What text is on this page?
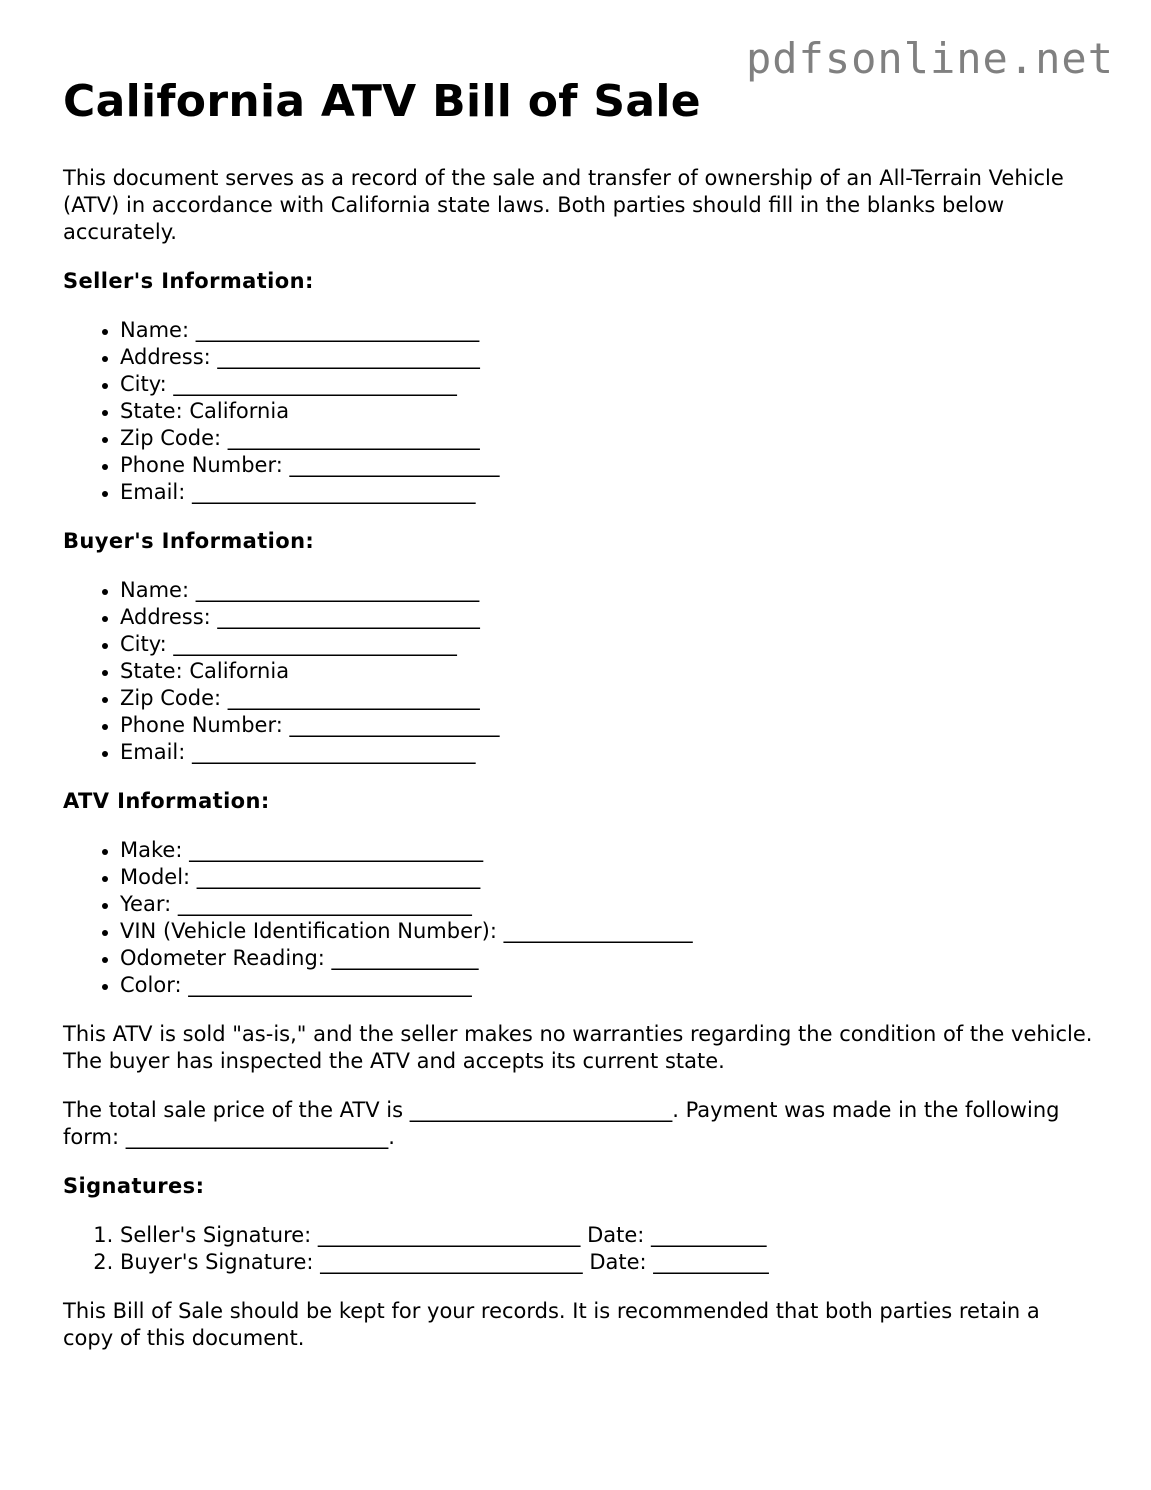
pdfsonline.net
California ATV Bill of Sale

This document serves as a record of the sale and transfer of ownership of an All-Terrain Vehicle (ATV) in accordance with California state laws. Both parties should fill in the blanks below accurately.

Seller's Information:
• Name: ___________________________
• Address: _________________________
• City: ___________________________
• State: California
• Zip Code: ________________________
• Phone Number: ____________________
• Email: ___________________________
Buyer's Information:
• Name: ___________________________
• Address: _________________________
• City: ___________________________
• State: California
• Zip Code: ________________________
• Phone Number: ____________________
• Email: ___________________________
ATV Information:
• Make: ____________________________
• Model: ___________________________
• Year: ____________________________
• VIN (Vehicle Identification Number): __________________
• Odometer Reading: ______________
• Color: ___________________________

This ATV is sold "as-is," and the seller makes no warranties regarding the condition of the vehicle. The buyer has inspected the ATV and accepts its current state.

The total sale price of the ATV is _________________________. Payment was made in the following form: _________________________.

Signatures:
1. Seller's Signature: _________________________ Date: ___________
2. Buyer's Signature: _________________________ Date: ___________

This Bill of Sale should be kept for your records. It is recommended that both parties retain a copy of this document.
